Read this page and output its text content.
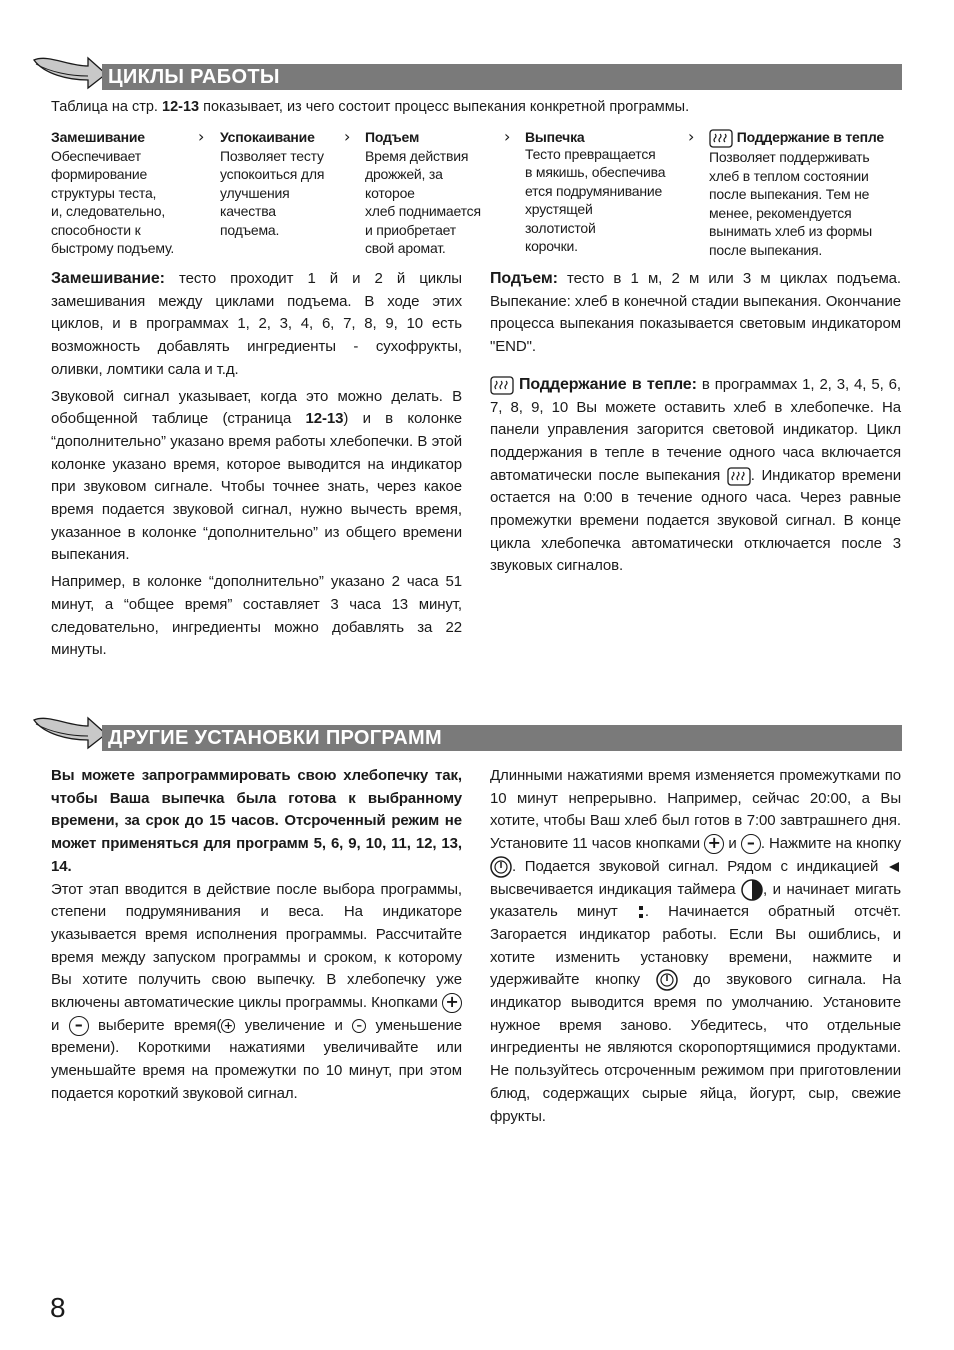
ЦИКЛЫ РАБОТЫ
Таблица на стр. 12-13 показывает, из чего состоит процесс выпекания конкретной программы.
Замешивание
Обеспечивает
формирование
структуры теста,
и, следовательно,
способности к
быстрому подъему.
› Успокаивание
Позволяет тесту
успокоиться для
улучшения
качества
подъема.
› Подъем
Время действия
дрожжей, за
которое
хлеб поднимается
и приобретает
свой аромат.
› Выпечка
Тесто превращается
в мякишь, обеспечива
ется подрумянивание
хрустящей
золотистой
корочки.
›	Поддержание в тепле
Позволяет поддерживать
хлеб в теплом состоянии
после выпекания. Тем не
менее, рекомендуется
вынимать хлеб из формы
после выпекания.

Замешивание: тесто проходит 1 й и 2 й циклы замешивания между циклами подъема. В ходе этих циклов, и в программах 1, 2, 3, 4, 6, 7, 8, 9, 10 есть возможность добавлять ингредиенты - сухофрукты, оливки, ломтики сала и т.д.

Звуковой сигнал указывает, когда это можно делать. В обобщенной таблице (страница 12-13) и в колонке “дополнительно” указано время работы хлебопечки. В этой колонке указано время, которое выводится на индикатор при звуковом сигнале. Чтобы точнее знать, через какое время подается звуковой сигнал, нужно вычесть время, указанное в колонке “дополнительно” из общего времени выпекания.

Например, в колонке “дополнительно” указано 2 часа 51 минут, а “общее время” составляет 3 часа 13 минут, следовательно, ингредиенты можно добавлять за 22 минуты.

Подъем: тесто в 1 м, 2 м или 3 м циклах подъема. Выпекание: хлеб в конечной стадии выпекания. Окончание процесса выпекания показывается световым индикатором "END".

Поддержание в тепле: в программах 1, 2, 3, 4, 5, 6, 7, 8, 9, 10 Вы можете оставить хлеб в хлебопечке. На панели управления загорится световой индикатор. Цикл поддержания в тепле в течение одного часа включается автоматически после выпекания . Индикатор времени остается на 0:00 в течение одного часа. Через равные промежутки времени подается звуковой сигнал. В конце цикла хлебопечка автоматически отключается после 3 звуковых сигналов.

ДРУГИЕ УСТАНОВКИ ПРОГРАММ

Вы можете запрограммировать свою хлебопечку так, чтобы Ваша выпечка была готова к выбранному времени, за срок до 15 часов. Отсроченный режим не может применяться для программ 5, 6, 9, 10, 11, 12, 13, 14.

Этот этап вводится в действие после выбора программы, степени подрумянивания и веса. На индикаторе указывается время исполнения программы. Рассчитайте время между запуском программы и сроком, к которому Вы хотите получить свою выпечку. В хлебопечку уже включены автоматические циклы программы. Кнопками + и – выберите время( + увеличение и – уменьшение времени). Короткими нажатиями увеличивайте или уменьшайте время на промежутки по 10 минут, при этом подается короткий звуковой сигнал.

Длинными нажатиями время изменяется промежутками по 10 минут непрерывно. Например, сейчас 20:00, а Вы хотите, чтобы Ваш хлеб был готов в 7:00 завтрашнего дня. Установите 11 часов кнопками + и – . Нажмите на кнопку . Подается звуковой сигнал. Рядом с индикацией  высвечивается индикация таймера , и начинает мигать указатель минут . Начинается обратный отсчёт. Загорается индикатор работы. Если Вы ошиблись, и хотите изменить установку времени, нажмите и удерживайте кнопку  до звукового сигнала. На индикатор выводится время по умолчанию. Установите нужное время заново. Убедитесь, что отдельные ингредиенты не являются скоропортящимися продуктами. Не пользуйтесь отсроченным режимом при приготовлении блюд, содержащих сырые яйца, йогурт, сыр, свежие фрукты.

8
